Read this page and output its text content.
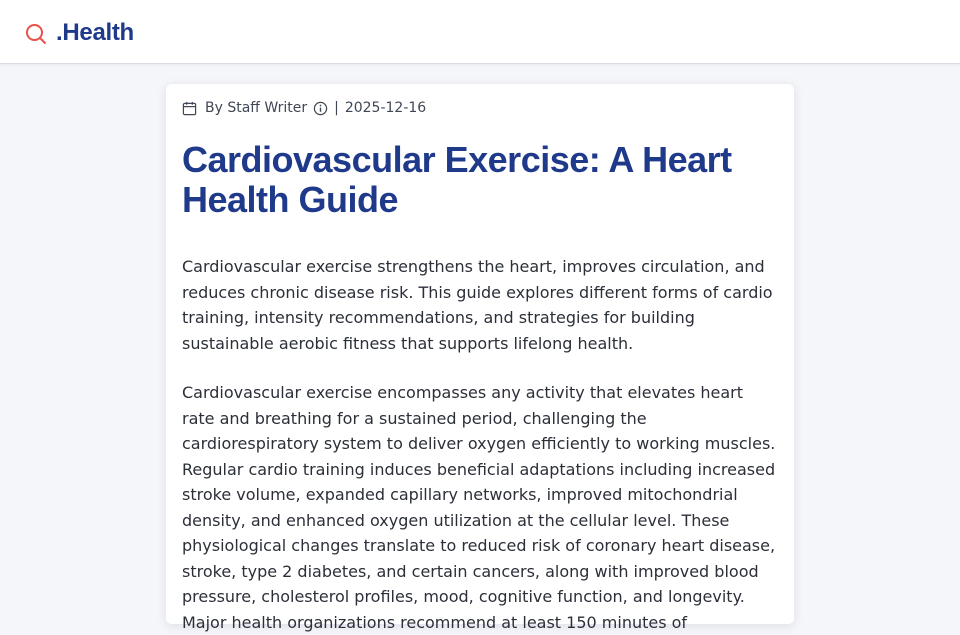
.Health
By Staff Writer | 2025-12-16
Cardiovascular Exercise: A Heart Health Guide

Cardiovascular exercise strengthens the heart, improves circulation, and reduces chronic disease risk. This guide explores different forms of cardio training, intensity recommendations, and strategies for building sustainable aerobic fitness that supports lifelong health.

Cardiovascular exercise encompasses any activity that elevates heart rate and breathing for a sustained period, challenging the cardiorespiratory system to deliver oxygen efficiently to working muscles. Regular cardio training induces beneficial adaptations including increased stroke volume, expanded capillary networks, improved mitochondrial density, and enhanced oxygen utilization at the cellular level. These physiological changes translate to reduced risk of coronary heart disease, stroke, type 2 diabetes, and certain cancers, along with improved blood pressure, cholesterol profiles, mood, cognitive function, and longevity. Major health organizations recommend at least 150 minutes of
